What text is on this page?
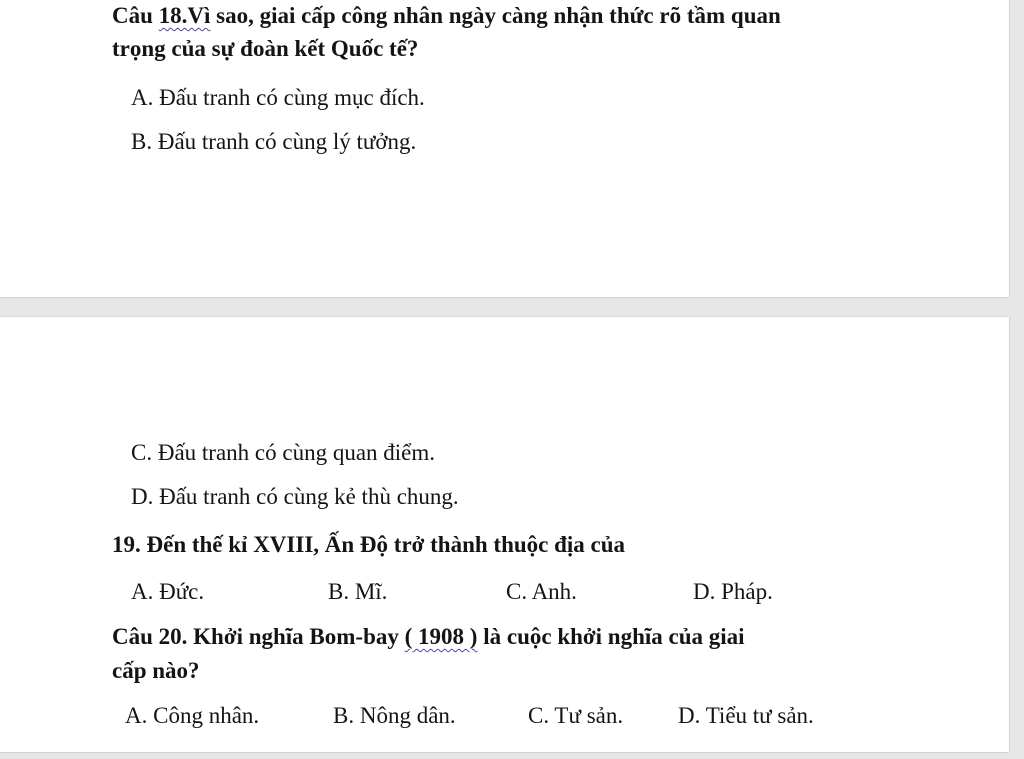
Câu 18.Vì sao, giai cấp công nhân ngày càng nhận thức rõ tầm quan
trọng của sự đoàn kết Quốc tế?
A. Đấu tranh có cùng mục đích.
B. Đấu tranh có cùng lý tưởng.
C. Đấu tranh có cùng quan điểm.
D. Đấu tranh có cùng kẻ thù chung.
19. Đến thế kỉ XVIII, Ấn Độ trở thành thuộc địa của
A. Đức.	B. Mĩ.	C. Anh.	D. Pháp.
Câu 20. Khởi nghĩa Bom-bay ( 1908 ) là cuộc khởi nghĩa của giai
cấp nào?
A. Công nhân.	B. Nông dân.	C. Tư sản. D. Tiểu tư sản.
